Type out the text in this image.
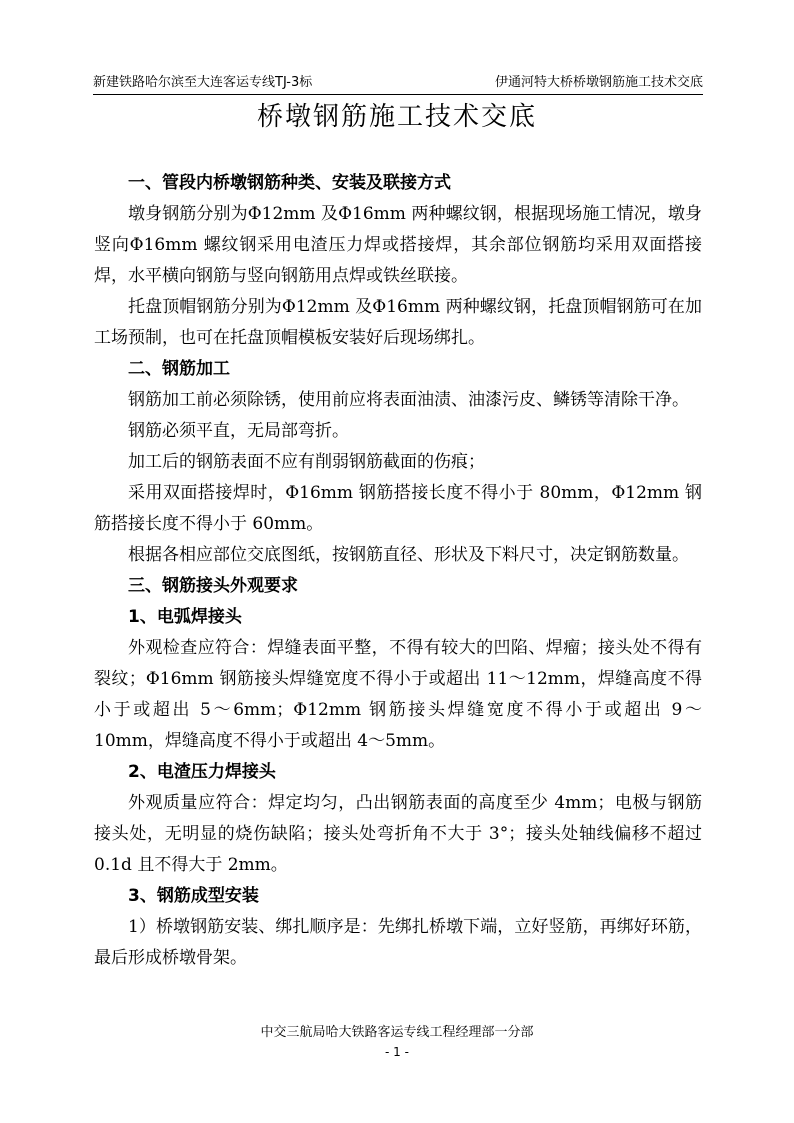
新建铁路哈尔滨至大连客运专线TJ-3标	伊通河特大桥桥墩钢筋施工技术交底
桥墩钢筋施工技术交底
一、管段内桥墩钢筋种类、安装及联接方式

墩身钢筋分别为Φ12mm 及Φ16mm 两种螺纹钢，根据现场施工情况，墩身竖向Φ16mm 螺纹钢采用电渣压力焊或搭接焊，其余部位钢筋均采用双面搭接焊，水平横向钢筋与竖向钢筋用点焊或铁丝联接。

托盘顶帽钢筋分别为Φ12mm 及Φ16mm 两种螺纹钢，托盘顶帽钢筋可在加工场预制，也可在托盘顶帽模板安装好后现场绑扎。

二、钢筋加工

钢筋加工前必须除锈，使用前应将表面油渍、油漆污皮、鳞锈等清除干净。

钢筋必须平直，无局部弯折。

加工后的钢筋表面不应有削弱钢筋截面的伤痕；

采用双面搭接焊时，Φ16mm 钢筋搭接长度不得小于 80mm，Φ12mm 钢筋搭接长度不得小于 60mm。

根据各相应部位交底图纸，按钢筋直径、形状及下料尺寸，决定钢筋数量。

三、钢筋接头外观要求
1、电弧焊接头

外观检查应符合：焊缝表面平整，不得有较大的凹陷、焊瘤；接头处不得有裂纹；Φ16mm 钢筋接头焊缝宽度不得小于或超出 11～12mm，焊缝高度不得小于或超出 5～6mm；Φ12mm 钢筋接头焊缝宽度不得小于或超出 9～10mm，焊缝高度不得小于或超出 4～5mm。

2、电渣压力焊接头

外观质量应符合：焊定均匀，凸出钢筋表面的高度至少 4mm；电极与钢筋接头处，无明显的烧伤缺陷；接头处弯折角不大于 3°；接头处轴线偏移不超过 0.1d 且不得大于 2mm。

3、钢筋成型安装

1）桥墩钢筋安装、绑扎顺序是：先绑扎桥墩下端，立好竖筋，再绑好环筋，最后形成桥墩骨架。

中交三航局哈大铁路客运专线工程经理部一分部
- 1 -
